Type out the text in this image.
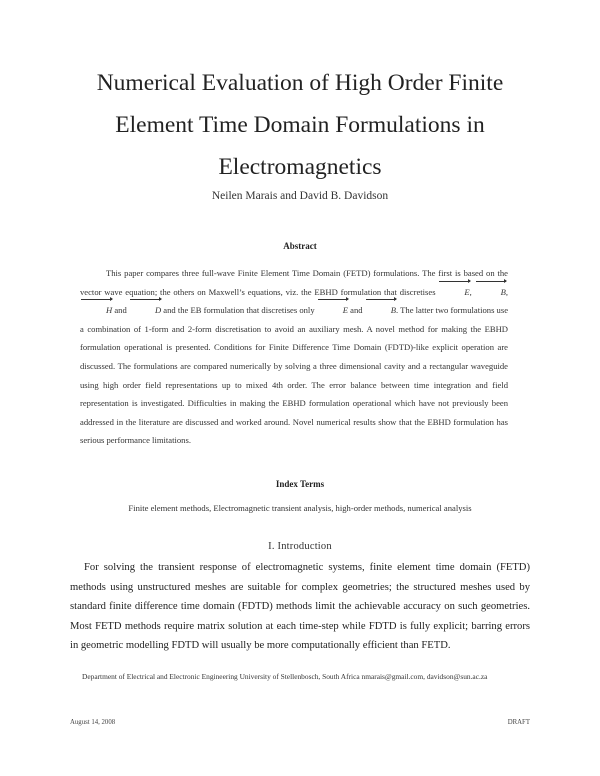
Numerical Evaluation of High Order Finite Element Time Domain Formulations in Electromagnetics
Neilen Marais and David B. Davidson
Abstract

This paper compares three full-wave Finite Element Time Domain (FETD) formulations. The first is based on the vector wave equation; the others on Maxwell’s equations, viz. the EBHD formulation that discretises	E,	B, H and	D and the EB formulation that discretises only	E and	B. The latter two formulations use a combination of 1-form and 2-form discretisation to avoid an auxiliary mesh. A novel method for making the EBHD formulation operational is presented. Conditions for Finite Difference Time Domain (FDTD)-like explicit operation are discussed. The formulations are compared numerically by solving a three dimensional cavity and a rectangular waveguide using high order field representations up to mixed 4th order. The error balance between time integration and field representation is investigated. Difficulties in making the EBHD formulation operational which have not previously been addressed in the literature are discussed and worked around. Novel numerical results show that the EBHD formulation has serious performance limitations.

Index Terms
Finite element methods, Electromagnetic transient analysis, high-order methods, numerical analysis
I. Introduction

For solving the transient response of electromagnetic systems, finite element time domain (FETD) methods using unstructured meshes are suitable for complex geometries; the structured meshes used by standard finite difference time domain (FDTD) methods limit the achievable accuracy on such geometries. Most FETD methods require matrix solution at each time-step while FDTD is fully explicit; barring errors in geometric modelling FDTD will usually be more computationally efficient than FETD.

Department of Electrical and Electronic Engineering University of Stellenbosch, South Africa nmarais@gmail.com, davidson@sun.ac.za

August 14, 2008	DRAFT
